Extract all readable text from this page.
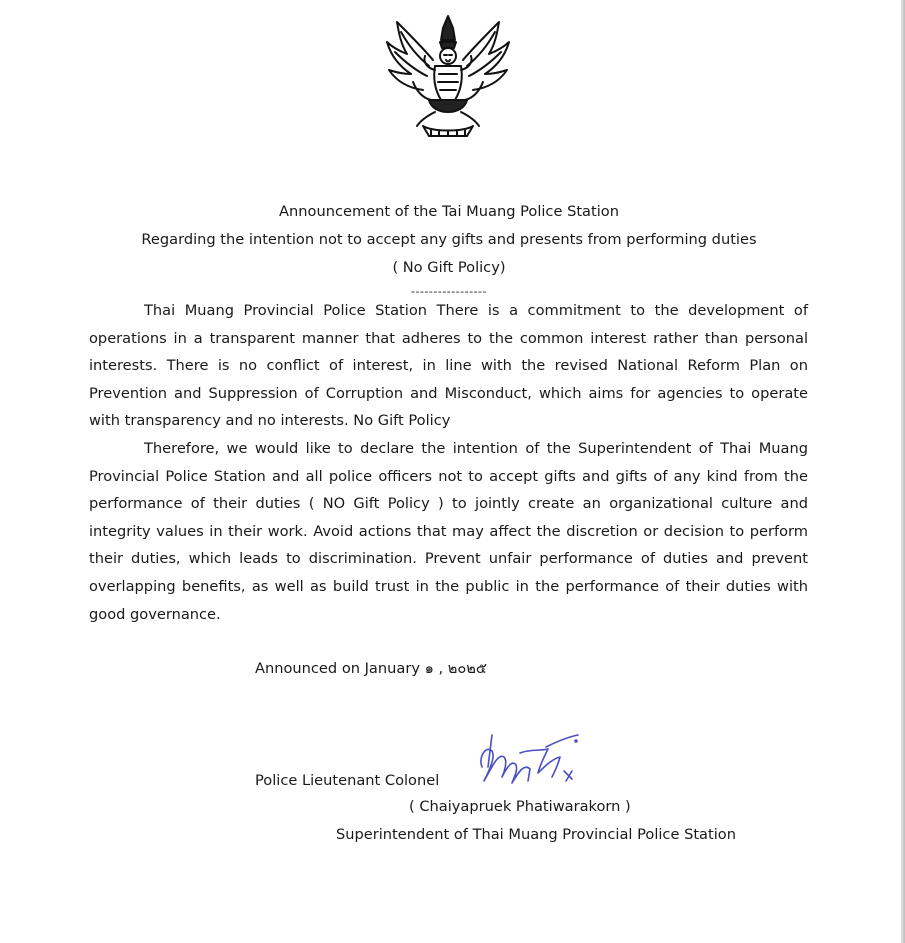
Announcement of the Tai Muang Police Station
Regarding the intention not to accept any gifts and presents from performing duties
( No Gift Policy)
-----------------

Thai Muang Provincial Police Station There is a commitment to the development of operations in a transparent manner that adheres to the common interest rather than personal interests. There is no conflict of interest, in line with the revised National Reform Plan on Prevention and Suppression of Corruption and Misconduct, which aims for agencies to operate with transparency and no interests. No Gift Policy

Therefore, we would like to declare the intention of the Superintendent of Thai Muang Provincial Police Station and all police officers not to accept gifts and gifts of any kind from the performance of their duties ( NO Gift Policy ) to jointly create an organizational culture and integrity values in their work. Avoid actions that may affect the discretion or decision to perform their duties, which leads to discrimination. Prevent unfair performance of duties and prevent overlapping benefits, as well as build trust in the public in the performance of their duties with good governance.

Announced on January ๑ , ๒๐๒๕
Police Lieutenant Colonel
( Chaiyapruek Phatiwarakorn )
Superintendent of Thai Muang Provincial Police Station
